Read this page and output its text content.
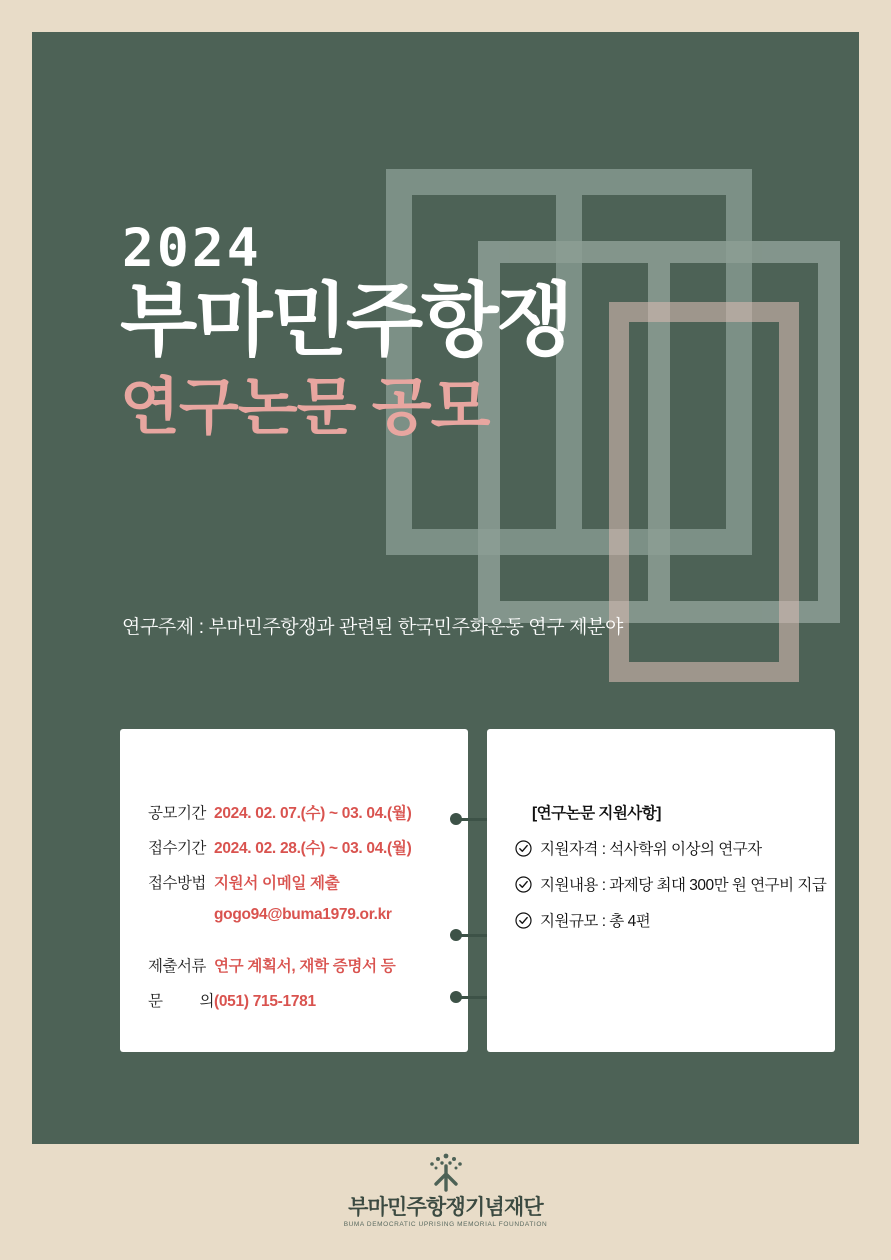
2024
부마민주항쟁
연구논문 공모
연구주제 : 부마민주항쟁과 관련된 한국민주화운동 연구 제분야
공모기간 2024. 02. 07.(수) ~ 03. 04.(월)
접수기간 2024. 02. 28.(수) ~ 03. 04.(월)
접수방법 지원서 이메일 제출
gogo94@buma1979.or.kr
제출서류 연구 계획서, 재학 증명서 등
문 의 (051) 715-1781
[연구논문 지원사항]
지원자격 : 석사학위 이상의 연구자
지원내용 : 과제당 최대 300만 원 연구비 지급
지원규모 : 총 4편
부마민주항쟁기념재단
BUMA DEMOCRATIC UPRISING MEMORIAL FOUNDATION
